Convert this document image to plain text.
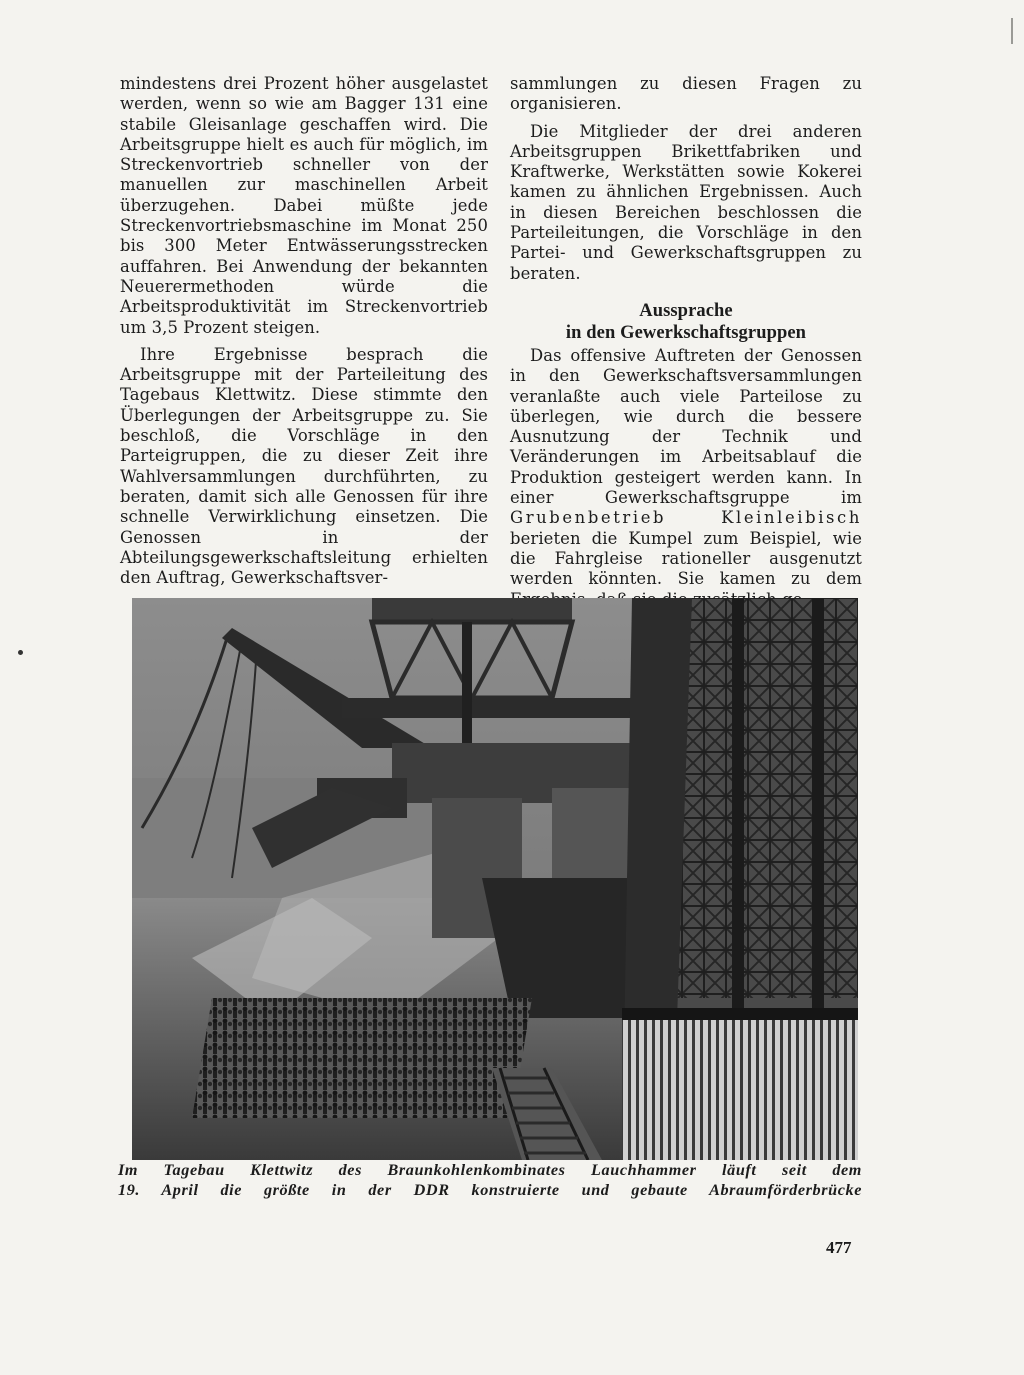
mindestens drei Prozent höher ausgelastet werden, wenn so wie am Bagger 131 eine stabile Gleisanlage geschaffen wird. Die Arbeitsgruppe hielt es auch für möglich, im Streckenvortrieb schneller von der manuellen zur maschinellen Arbeit überzugehen. Dabei müßte jede Streckenvortriebsmaschine im Monat 250 bis 300 Meter Entwässerungsstrecken auffahren. Bei Anwendung der bekannten Neuerermethoden würde die Arbeitsproduktivität im Streckenvortrieb um 3,5 Prozent steigen.

Ihre Ergebnisse besprach die Arbeitsgruppe mit der Parteileitung des Tagebaus Klettwitz. Diese stimmte den Überlegungen der Arbeitsgruppe zu. Sie beschloß, die Vorschläge in den Parteigruppen, die zu dieser Zeit ihre Wahlversammlungen durchführten, zu beraten, damit sich alle Genossen für ihre schnelle Verwirklichung einsetzen. Die Genossen in der Abteilungsgewerkschaftsleitung erhielten den Auftrag, Gewerkschaftsver-

sammlungen zu diesen Fragen zu organisieren.

Die Mitglieder der drei anderen Arbeitsgruppen Brikettfabriken und Kraftwerke, Werkstätten sowie Kokerei kamen zu ähnlichen Ergebnissen. Auch in diesen Bereichen beschlossen die Parteileitungen, die Vorschläge in den Partei- und Gewerkschaftsgruppen zu beraten.

Aussprache
in den Gewerkschaftsgruppen

Das offensive Auftreten der Genossen in den Gewerkschaftsversammlungen veranlaßte auch viele Parteilose zu überlegen, wie durch die bessere Ausnutzung der Technik und Veränderungen im Arbeitsablauf die Produktion gesteigert werden kann. In einer Gewerkschaftsgruppe im Grubenbetrieb Kleinleibisch berieten die Kumpel zum Beispiel, wie die Fahrgleise rationeller ausgenutzt werden könnten. Sie kamen zu dem

Im Tagebau Klettwitz des Braunkohlenkombinates Lauchhammer läuft seit dem

19. April die größte in der DDR konstruierte und gebaute Abraumförderbrücke

477
